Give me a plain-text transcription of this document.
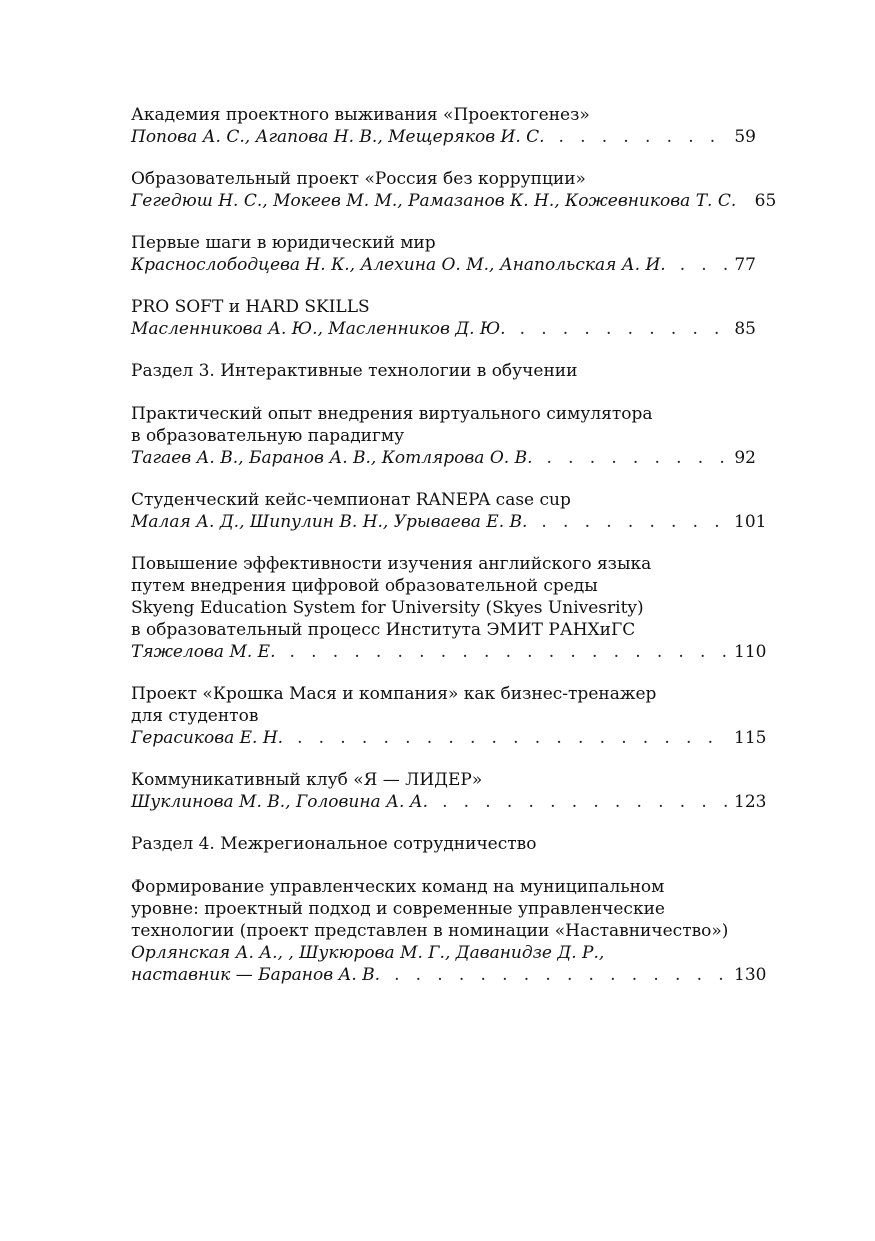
Академия проектного выживания «Проектогенез»
Попова А. С., Агапова Н. В., Мещеряков И. С. . . .	59
Образовательный проект «Россия без коррупции»
Гегедюш Н. С., Мокеев М. М., Рамазанов К. Н., Кожевникова Т. С. 65
Первые шаги в юридический мир
Краснослободцева Н. К., Алехина О. М., Анапольская А. И. . . .	77
PRO SOFT и HARD SKILLS
Масленникова А. Ю., Масленников Д. Ю. . . .	85
Раздел 3. Интерактивные технологии в обучении
Практический опыт внедрения виртуального симулятора
в образовательную парадигму
Тагаев А. В., Баранов А. В., Котлярова О. В. . . .	92
Студенческий кейс-чемпионат RANEPA case cup
Малая А. Д., Шипулин В. Н., Урываева Е. В. . . .	101
Повышение эффективности изучения английского языка
путем внедрения цифровой образовательной среды
Skyeng Education System for University (Skyes Univesrity)
в образовательный процесс Института ЭМИТ РАНХиГС
Тяжелова М. Е. . . .	110
Проект «Крошка Мася и компания» как бизнес-тренажер
для студентов
Герасикова Е. Н. . . .	115
Коммуникативный клуб «Я — ЛИДЕР»
Шуклинова М. В., Головина А. А. . . .	123
Раздел 4. Межрегиональное сотрудничество
Формирование управленческих команд на муниципальном
уровне: проектный подход и современные управленческие
технологии (проект представлен в номинации «Наставничество»)
Орлянская А. А., , Шукюрова М. Г., Даванидзе Д. Р.,
наставник — Баранов А. В. . . .	130
